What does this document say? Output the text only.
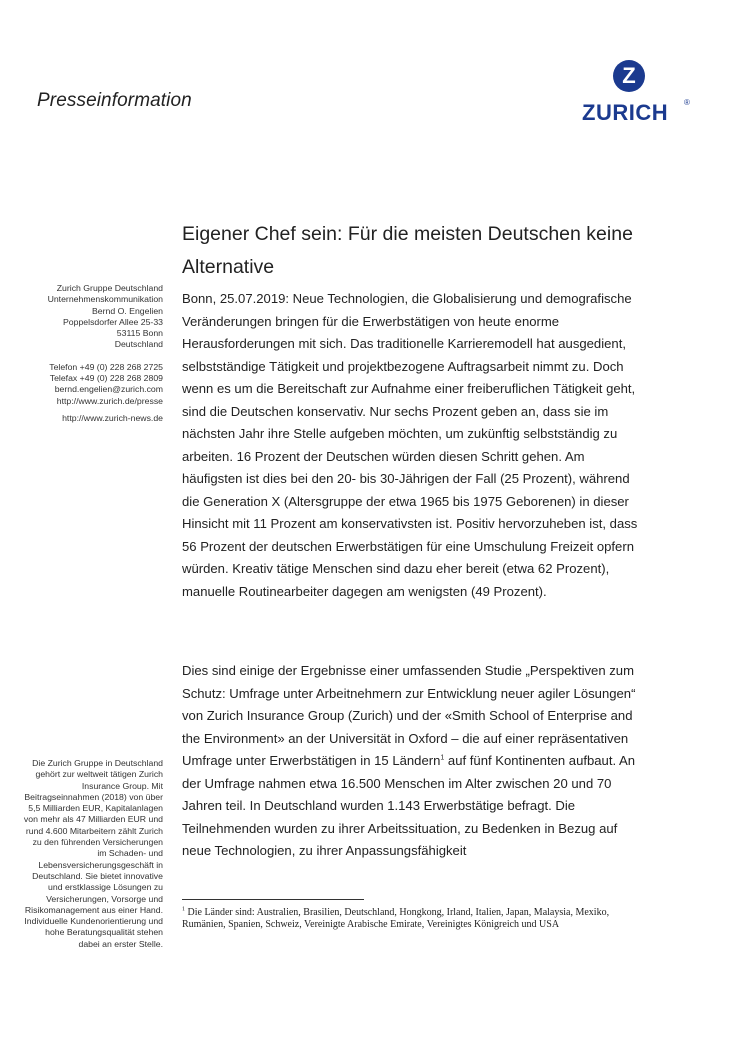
Presseinformation
Z
ZURICH ®
Eigener Chef sein: Für die meisten Deutschen keine Alternative
Zurich Gruppe Deutschland
Unternehmenskommunikation
Bernd O. Engelien
Poppelsdorfer Allee 25-33
53115 Bonn
Deutschland
Telefon +49 (0) 228 268 2725
Telefax +49 (0) 228 268 2809
bernd.engelien@zurich.com
http://www.zurich.de/presse
http://www.zurich-news.de
Die Zurich Gruppe in Deutschland gehört zur weltweit tätigen Zurich Insurance Group. Mit Beitragseinnahmen (2018) von über 5,5 Milliarden EUR, Kapitalanlagen von mehr als 47 Milliarden EUR und rund 4.600 Mitarbeitern zählt Zurich zu den führenden Versicherungen im Schaden- und Lebensversicherungsgeschäft in Deutschland. Sie bietet innovative und erstklassige Lösungen zu Versicherungen, Vorsorge und Risikomanagement aus einer Hand. Individuelle Kundenorientierung und hohe Beratungsqualität stehen dabei an erster Stelle.
Bonn, 25.07.2019: Neue Technologien, die Globalisierung und demografische Veränderungen bringen für die Erwerbstätigen von heute enorme Herausforderungen mit sich. Das traditionelle Karrieremodell hat ausgedient, selbstständige Tätigkeit und projektbezogene Auftragsarbeit nimmt zu. Doch wenn es um die Bereitschaft zur Aufnahme einer freiberuflichen Tätigkeit geht, sind die Deutschen konservativ. Nur sechs Prozent geben an, dass sie im nächsten Jahr ihre Stelle aufgeben möchten, um zukünftig selbstständig zu arbeiten. 16 Prozent der Deutschen würden diesen Schritt gehen. Am häufigsten ist dies bei den 20- bis 30-Jährigen der Fall (25 Prozent), während die Generation X (Altersgruppe der etwa 1965 bis 1975 Geborenen) in dieser Hinsicht mit 11 Prozent am konservativsten ist. Positiv hervorzuheben ist, dass 56 Prozent der deutschen Erwerbstätigen für eine Umschulung Freizeit opfern würden. Kreativ tätige Menschen sind dazu eher bereit (etwa 62 Prozent), manuelle Routinearbeiter dagegen am wenigsten (49 Prozent).
Dies sind einige der Ergebnisse einer umfassenden Studie „Perspektiven zum Schutz: Umfrage unter Arbeitnehmern zur Entwicklung neuer agiler Lösungen“ von Zurich Insurance Group (Zurich) und der «Smith School of Enterprise and the Environment» an der Universität in Oxford – die auf einer repräsentativen Umfrage unter Erwerbstätigen in 15 Ländern$^1$ auf fünf Kontinenten aufbaut. An der Umfrage nahmen etwa 16.500 Menschen im Alter zwischen 20 und 70 Jahren teil. In Deutschland wurden 1.143 Erwerbstätige befragt. Die Teilnehmenden wurden zu ihrer Arbeitssituation, zu Bedenken in Bezug auf neue Technologien, zu ihrer Anpassungsfähigkeit
$^1$ Die Länder sind: Australien, Brasilien, Deutschland, Hongkong, Irland, Italien, Japan, Malaysia, Mexiko, Rumänien, Spanien, Schweiz, Vereinigte Arabische Emirate, Vereinigtes Königreich und USA
